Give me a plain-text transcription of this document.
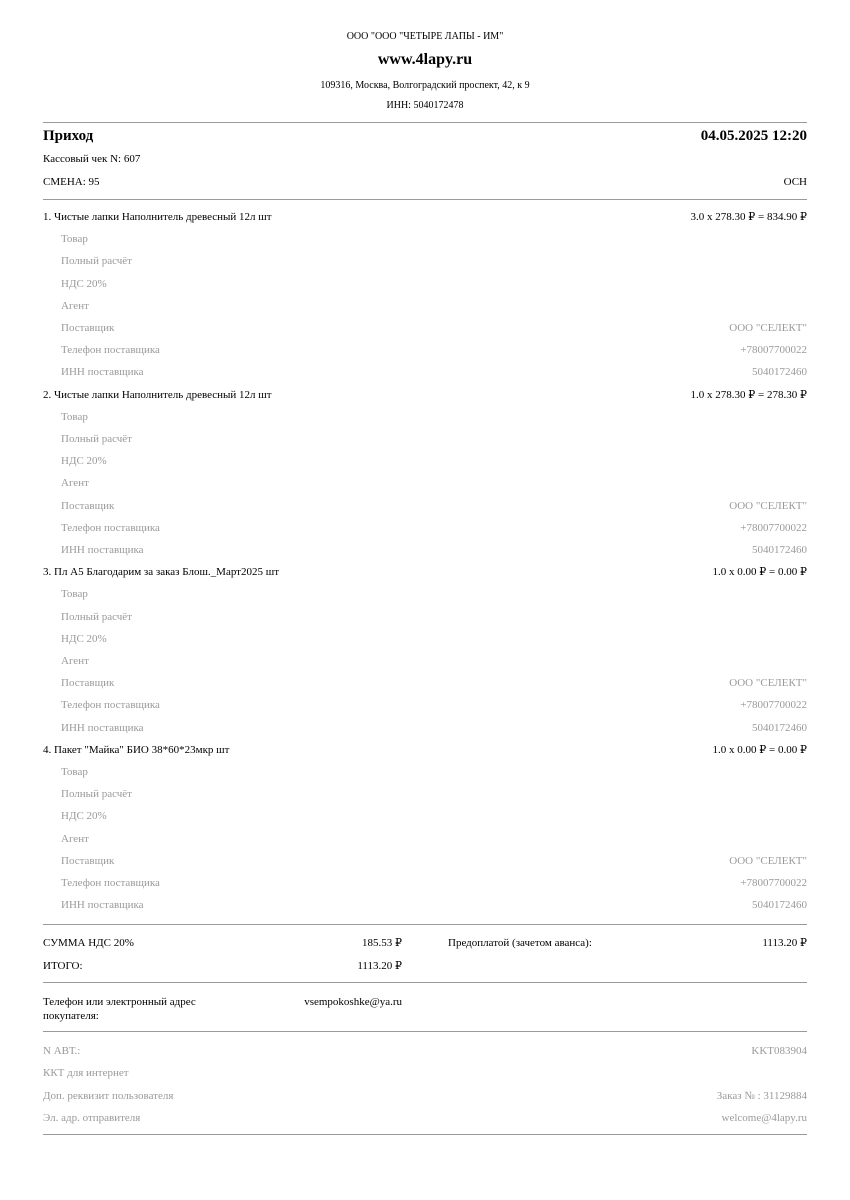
ООО "ООО "ЧЕТЫРЕ ЛАПЫ - ИМ"
www.4lapy.ru
109316, Москва, Волгоградский проспект, 42, к 9
ИНН: 5040172478
Приход	04.05.2025 12:20
Кассовый чек N: 607
СМЕНА: 95	ОСН
1. Чистые лапки Наполнитель древесный 12л шт	3.0 x 278.30 ₽ = 834.90 ₽
Товар
Полный расчёт
НДС 20%
Агент
Поставщик	ООО "СЕЛЕКТ"
Телефон поставщика	+78007700022
ИНН поставщика	5040172460
2. Чистые лапки Наполнитель древесный 12л шт	1.0 x 278.30 ₽ = 278.30 ₽
Товар
Полный расчёт
НДС 20%
Агент
Поставщик	ООО "СЕЛЕКТ"
Телефон поставщика	+78007700022
ИНН поставщика	5040172460
3. Пл А5 Благодарим за заказ Блош._Март2025 шт	1.0 x 0.00 ₽ = 0.00 ₽
Товар
Полный расчёт
НДС 20%
Агент
Поставщик	ООО "СЕЛЕКТ"
Телефон поставщика	+78007700022
ИНН поставщика	5040172460
4. Пакет "Майка" БИО 38*60*23мкр шт	1.0 x 0.00 ₽ = 0.00 ₽
Товар
Полный расчёт
НДС 20%
Агент
Поставщик	ООО "СЕЛЕКТ"
Телефон поставщика	+78007700022
ИНН поставщика	5040172460
СУММА НДС 20%	185.53 ₽	Предоплатой (зачетом аванса):	1113.20 ₽
ИТОГО:	1113.20 ₽
Телефон или электронный адрес
покупателя:
vsempokoshke@ya.ru
N АВТ.:	KKT083904
ККТ для интернет
Доп. реквизит пользователя	Заказ № : 31129884
Эл. адр. отправителя	welcome@4lapy.ru
